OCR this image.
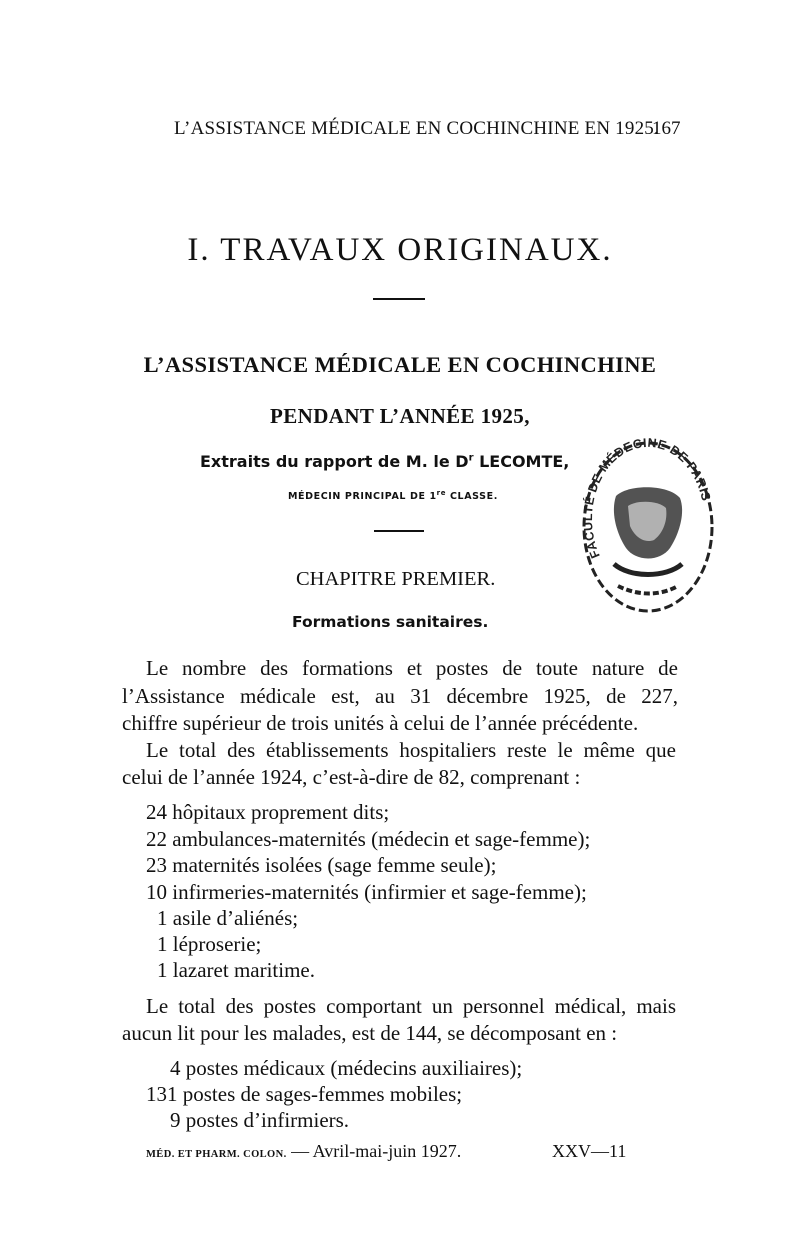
L’ASSISTANCE MÉDICALE EN COCHINCHINE EN 1925.
167
I. TRAVAUX ORIGINAUX.
L’ASSISTANCE MÉDICALE EN COCHINCHINE
PENDANT L’ANNÉE 1925,
Extraits du rapport de M. le $D^r$ LECOMTE,
MÉDECIN PRINCIPAL DE 1re CLASSE.
CHAPITRE PREMIER.
Formations sanitaires.
Le nombre des formations et postes de toute nature de
l’Assistance médicale est, au 31 décembre 1925, de 227,
chiffre supérieur de trois unités à celui de l’année précédente.
Le total des établissements hospitaliers reste le même que
celui de l’année 1924, c’est-à-dire de 82, comprenant :
24 hôpitaux proprement dits;
22 ambulances-maternités (médecin et sage-femme);
23 maternités isolées (sage femme seule);
10 infirmeries-maternités (infirmier et sage-femme);
1 asile d’aliénés;
1 léproserie;
1 lazaret maritime.
Le total des postes comportant un personnel médical, mais
aucun lit pour les malades, est de 144, se décomposant en :
4 postes médicaux (médecins auxiliaires);
131 postes de sages-femmes mobiles;
9 postes d’infirmiers.
MÉD. ET PHARM. COLON. — Avril-mai-juin 1927.	XXV—11
FACULTÉ DE MÉDECINE DE PARIS
